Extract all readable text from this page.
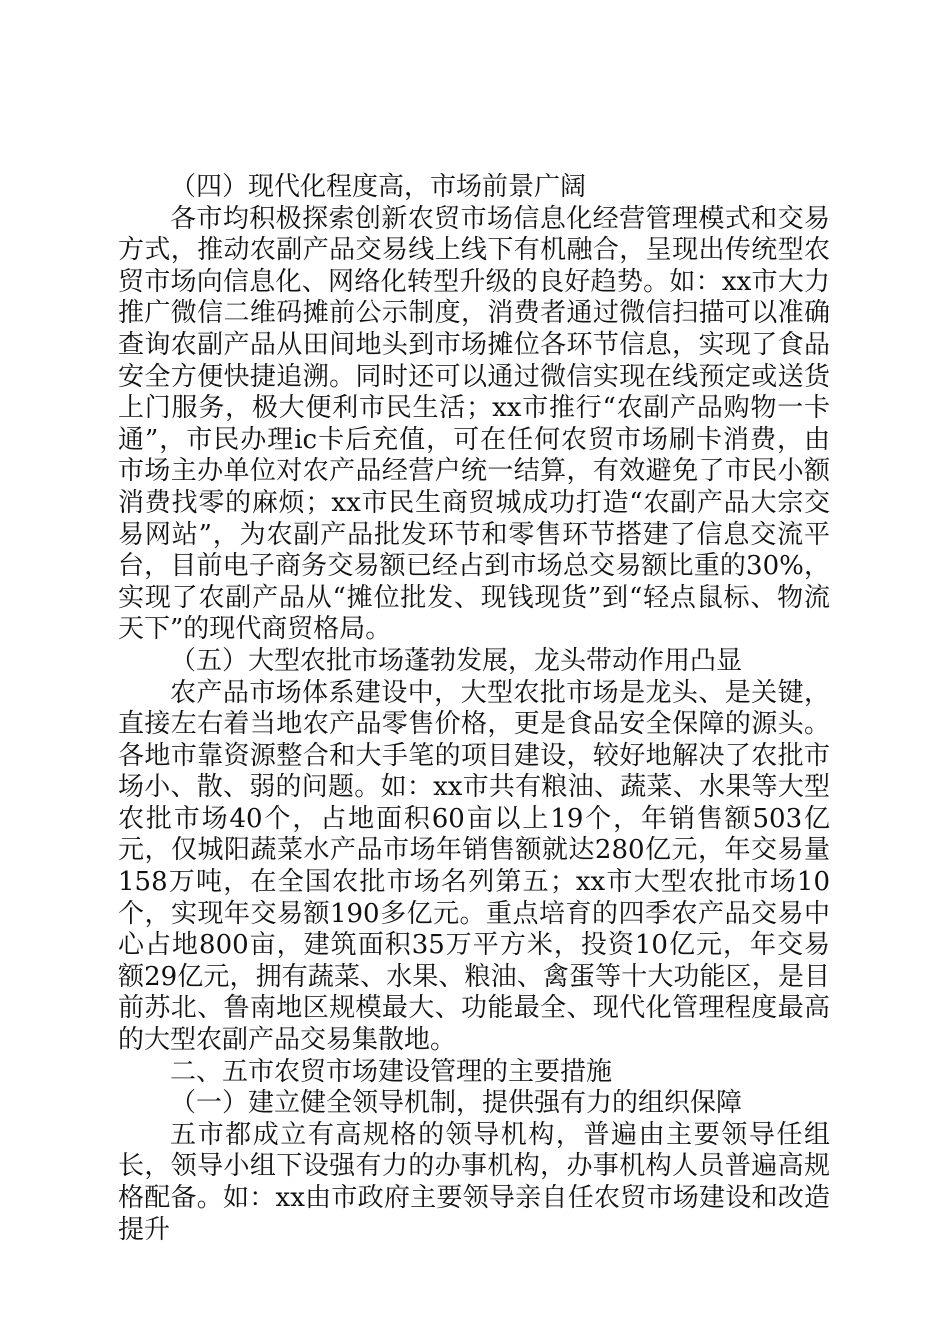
（四）现代化程度高，市场前景广阔

各市均积极探索创新农贸市场信息化经营管理模式和交易方式，推动农副产品交易线上线下有机融合，呈现出传统型农贸市场向信息化、网络化转型升级的良好趋势。如：xx市大力推广微信二维码摊前公示制度，消费者通过微信扫描可以准确查询农副产品从田间地头到市场摊位各环节信息，实现了食品安全方便快捷追溯。同时还可以通过微信实现在线预定或送货上门服务，极大便利市民生活；xx市推行“农副产品购物一卡通”，市民办理ic卡后充值，可在任何农贸市场刷卡消费，由市场主办单位对农产品经营户统一结算，有效避免了市民小额消费找零的麻烦；xx市民生商贸城成功打造“农副产品大宗交易网站”，为农副产品批发环节和零售环节搭建了信息交流平台，目前电子商务交易额已经占到市场总交易额比重的30%，实现了农副产品从“摊位批发、现钱现货”到“轻点鼠标、物流天下”的现代商贸格局。

（五）大型农批市场蓬勃发展，龙头带动作用凸显

农产品市场体系建设中，大型农批市场是龙头、是关键，直接左右着当地农产品零售价格，更是食品安全保障的源头。各地市靠资源整合和大手笔的项目建设，较好地解决了农批市场小、散、弱的问题。如：xx市共有粮油、蔬菜、水果等大型农批市场40个，占地面积60亩以上19个，年销售额503亿元，仅城阳蔬菜水产品市场年销售额就达280亿元，年交易量158万吨，在全国农批市场名列第五；xx市大型农批市场10个，实现年交易额190多亿元。重点培育的四季农产品交易中心占地800亩，建筑面积35万平方米，投资10亿元，年交易额29亿元，拥有蔬菜、水果、粮油、禽蛋等十大功能区，是目前苏北、鲁南地区规模最大、功能最全、现代化管理程度最高的大型农副产品交易集散地。

二、五市农贸市场建设管理的主要措施

（一）建立健全领导机制，提供强有力的组织保障

五市都成立有高规格的领导机构，普遍由主要领导任组长，领导小组下设强有力的办事机构，办事机构人员普遍高规格配备。如：xx由市政府主要领导亲自任农贸市场建设和改造提升
